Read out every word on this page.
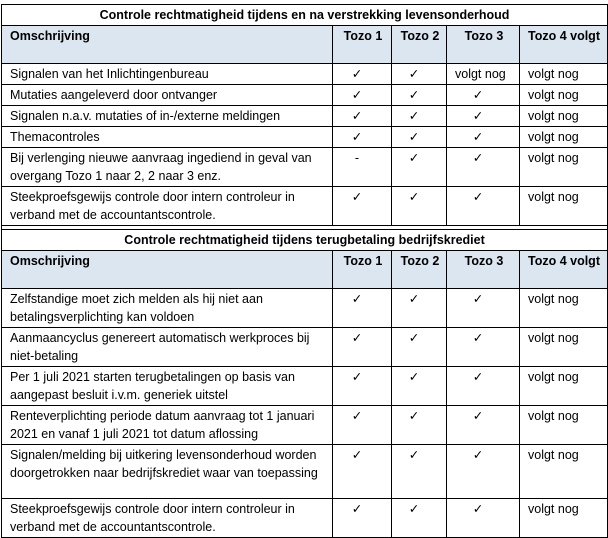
Controle rechtmatigheid tijdens en na verstrekking levensonderhoud				
Omschrijving	Tozo 1	Tozo 2	Tozo 3	Tozo 4 volgt
Signalen van het Inlichtingenbureau	✓	✓	volgt nog	volgt nog
Mutaties aangeleverd door ontvanger	✓	✓	✓	volgt nog
Signalen n.a.v. mutaties of in-/externe meldingen	✓	✓	✓	volgt nog
Themacontroles	✓	✓	✓	volgt nog
Bij verlenging nieuwe aanvraag ingediend in geval van overgang Tozo 1 naar 2, 2 naar 3 enz.	-	✓	✓	volgt nog
Steekproefsgewijs controle door intern controleur in verband met de accountantscontrole.	✓	✓	✓	volgt nog

Controle rechtmatigheid tijdens terugbetaling bedrijfskrediet				
Omschrijving	Tozo 1	Tozo 2	Tozo 3	Tozo 4 volgt
Zelfstandige moet zich melden als hij niet aan betalingsverplichting kan voldoen	✓	✓	✓	volgt nog
Aanmaancyclus genereert automatisch werkproces bij niet-betaling	✓	✓	✓	volgt nog
Per 1 juli 2021 starten terugbetalingen op basis van aangepast besluit i.v.m. generiek uitstel	✓	✓	✓	volgt nog
Renteverplichting periode datum aanvraag tot 1 januari 2021 en vanaf 1 juli 2021 tot datum aflossing	✓	✓	✓	volgt nog
Signalen/melding bij uitkering levensonderhoud worden doorgetrokken naar bedrijfskrediet waar van toepassing	✓	✓	✓	volgt nog
Steekproefsgewijs controle door intern controleur in verband met de accountantscontrole.	✓	✓	✓	volgt nog
